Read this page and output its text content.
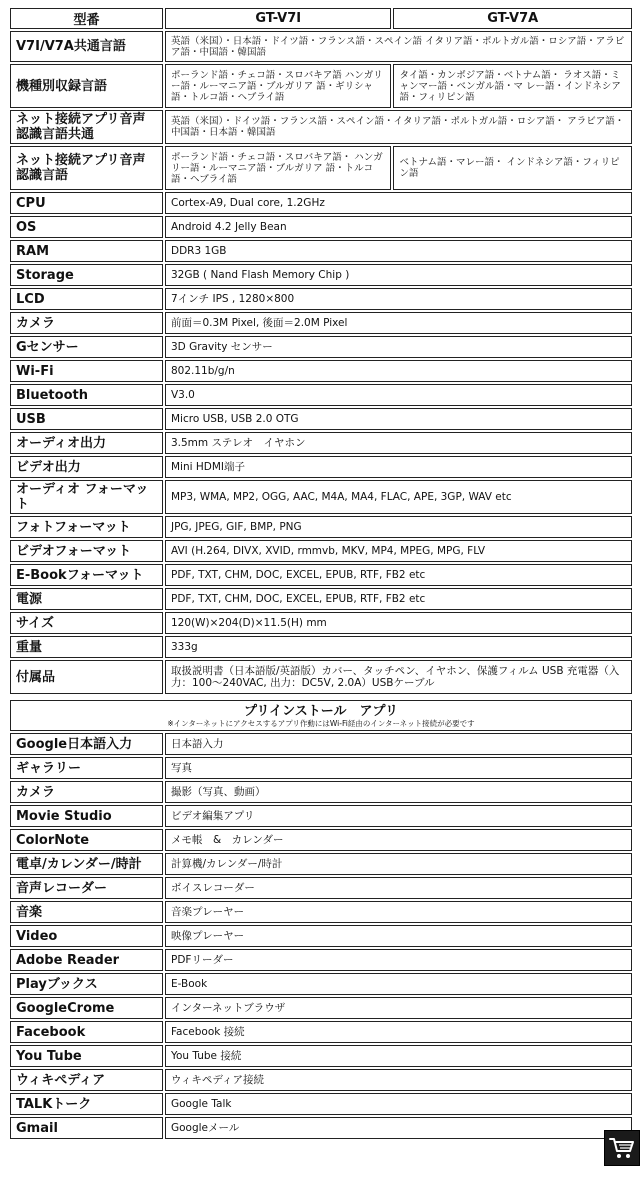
型番	GT-V7I	GT-V7A
V7I/V7A共通言語	英語（米国）・日本語・ドイツ語・フランス語・スペイン語 イタリア語・ポルトガル語・ロシア語・アラビア語・中国語・韓国語	
機種別収録言語	ポーランド語・チェコ語・スロバキア語 ハンガリー語・ルーマニア語・ブルガリア 語・ギリシャ語・トルコ語・ヘブライ語	タイ語・カンボジア語・ベトナム語・ ラオス語・ミャンマー語・ベンガル語・マ レー語・インドネシア語・フィリピン語
ネット接続アプリ音声 認識言語共通	英語（米国）・ドイツ語・フランス語・スペイン語・イタリア語・ポルトガル語・ロシア語・ アラビア語・中国語・日本語・韓国語	
ネット接続アプリ音声 認識言語	ポーランド語・チェコ語・スロバキア語・ ハンガリー語・ルーマニア語・ブルガリア 語・トルコ語・ヘブライ語	ベトナム語・マレー語・ インドネシア語・フィリピン語
CPU	Cortex-A9, Dual core, 1.2GHz	
OS	Android 4.2 Jelly Bean	
RAM	DDR3 1GB	
Storage	32GB ( Nand Flash Memory Chip )	
LCD	7インチ IPS , 1280×800	
カメラ	前面＝0.3M Pixel, 後面＝2.0M Pixel	
Gセンサー	3D Gravity センサー	
Wi-Fi	802.11b/g/n	
Bluetooth	V3.0	
USB	Micro USB, USB 2.0 OTG	
オーディオ出力	3.5mm ステレオ　イヤホン	
ビデオ出力	Mini HDMI端子	
オーディオ フォーマット	MP3, WMA, MP2, OGG, AAC, M4A, MA4, FLAC, APE, 3GP, WAV etc	
フォトフォーマット	JPG, JPEG, GIF, BMP, PNG	
ビデオフォーマット	AVI (H.264, DIVX, XVID, rmmvb, MKV, MP4, MPEG, MPG, FLV	
E-Bookフォーマット	PDF, TXT, CHM, DOC, EXCEL, EPUB, RTF, FB2 etc	
電源	PDF, TXT, CHM, DOC, EXCEL, EPUB, RTF, FB2 etc	
サイズ	120(W)×204(D)×11.5(H) mm	
重量	333g	
付属品	取扱説明書（日本語版/英語版）カバー、タッチペン、イヤホン、保護フィルム USB 充電器（入力：100～240VAC, 出力：DC5V, 2.0A）USBケーブル	

プリインストール　アプリ
※インターネットにアクセスするアプリ作動にはWi-Fi経由のインターネット接続が必要です		

Google日本語入力	日本語入力	
ギャラリー	写真	
カメラ	撮影（写真、動画）	
Movie Studio	ビデオ編集アプリ	
ColorNote	メモ帳　&　カレンダー	
電卓/カレンダー/時計	計算機/カレンダー/時計	
音声レコーダー	ボイスレコーダー	
音楽	音楽プレーヤー	
Video	映像プレーヤー	
Adobe Reader	PDFリーダー	
Playブックス	E-Book	
GoogleCrome	インターネットブラウザ	
Facebook	Facebook 接続	
You Tube	You Tube 接続	
ウィキペディア	ウィキペディア接続	
TALKトーク	Google Talk	
Gmail	Googleメール	
